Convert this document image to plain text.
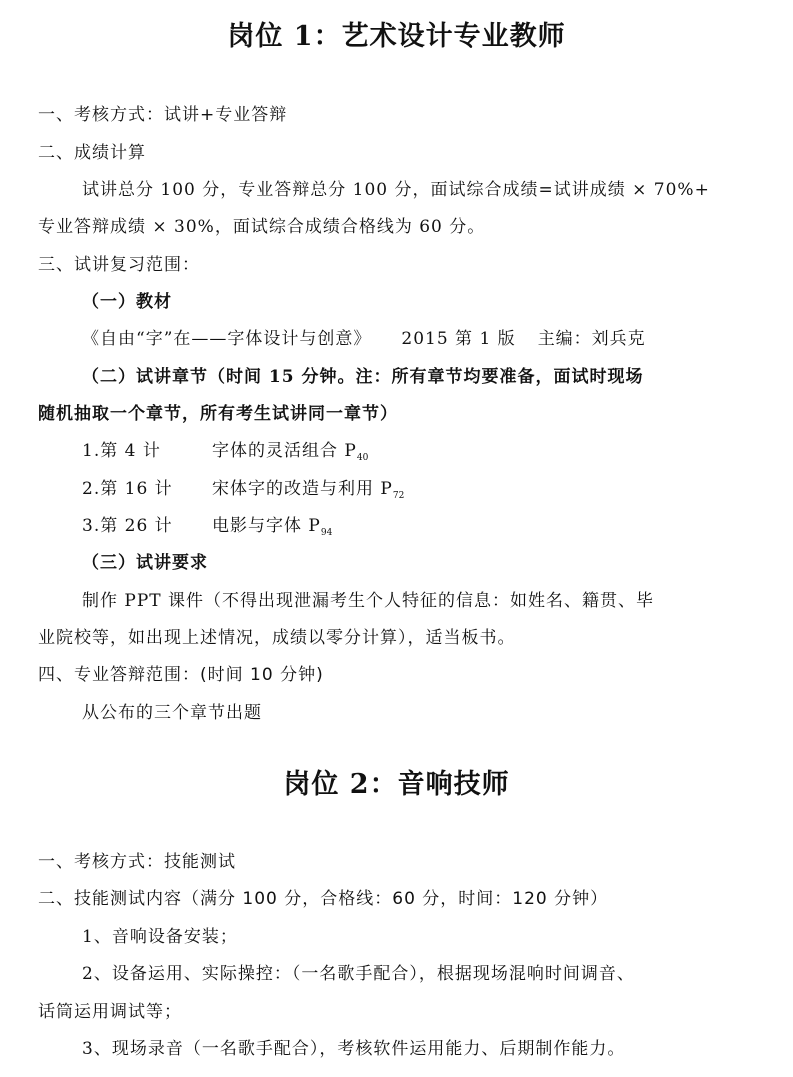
岗位 1：艺术设计专业教师
一、考核方式：试讲+专业答辩
二、成绩计算
试讲总分 100 分，专业答辩总分 100 分，面试综合成绩=试讲成绩 × 70%+
专业答辩成绩 × 30%，面试综合成绩合格线为 60 分。
三、试讲复习范围：
（一）教材
《自由“字”在——字体设计与创意》 2015 第 1 版 主编：刘兵克
（二）试讲章节（时间 15 分钟。注：所有章节均要准备，面试时现场
随机抽取一个章节，所有考生试讲同一章节）
1.第 4 计	字体的灵活组合 $P_{40}$
2.第 16 计 宋体字的改造与利用 $P_{72}$
3.第 26 计 电影与字体 $P_{94}$
（三）试讲要求
制作 PPT 课件（不得出现泄漏考生个人特征的信息：如姓名、籍贯、毕
业院校等，如出现上述情况，成绩以零分计算），适当板书。
四、专业答辩范围：(时间 10 分钟)
从公布的三个章节出题
岗位 2：音响技师
一、考核方式：技能测试
二、技能测试内容（满分 100 分，合格线：60 分，时间：120 分钟）
1、音响设备安装；
2、设备运用、实际操控：（一名歌手配合），根据现场混响时间调音、
话筒运用调试等；
3、现场录音（一名歌手配合），考核软件运用能力、后期制作能力。
